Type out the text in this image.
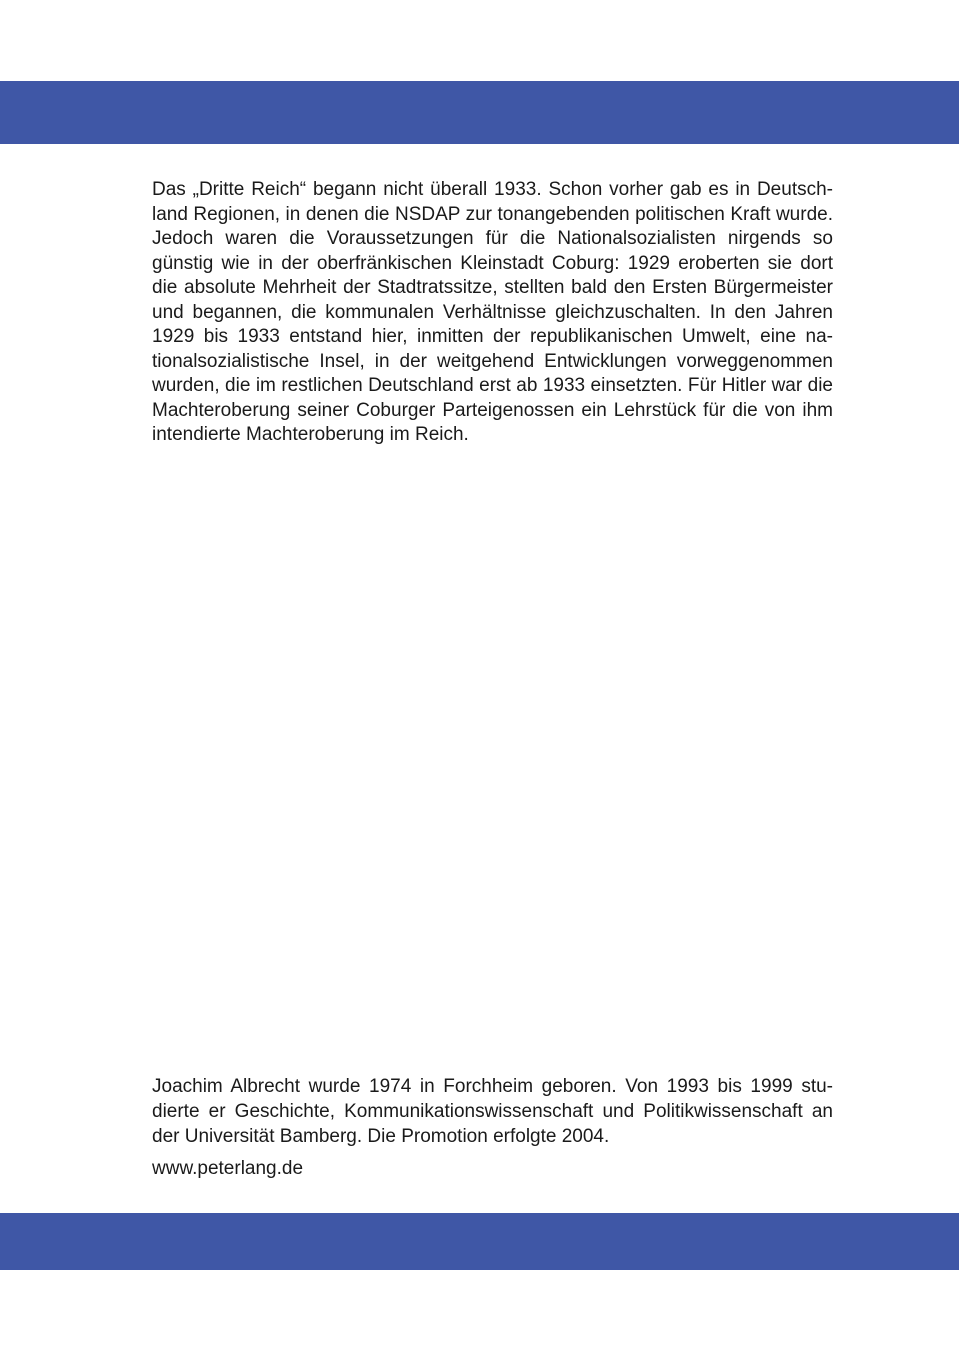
Das „Dritte Reich“ begann nicht überall 1933. Schon vorher gab es in Deutschland Regionen, in denen die NSDAP zur tonangebenden politischen Kraft wurde. Jedoch waren die Voraussetzungen für die Nationalsozialisten nirgends so günstig wie in der oberfränkischen Kleinstadt Coburg: 1929 eroberten sie dort die absolute Mehrheit der Stadtratssitze, stellten bald den Ersten Bürgermeister und begannen, die kommunalen Verhältnisse gleichzuschalten. In den Jahren 1929 bis 1933 entstand hier, inmitten der republikanischen Umwelt, eine nationalsozialistische Insel, in der weitgehend Entwicklungen vorweggenommen wurden, die im restlichen Deutschland erst ab 1933 einsetzten. Für Hitler war die Machteroberung seiner Coburger Parteigenossen ein Lehrstück für die von ihm intendierte Machteroberung im Reich.

Joachim Albrecht wurde 1974 in Forchheim geboren. Von 1993 bis 1999 studierte er Geschichte, Kommunikationswissenschaft und Politikwissenschaft an der Universität Bamberg. Die Promotion erfolgte 2004.

www.peterlang.de
